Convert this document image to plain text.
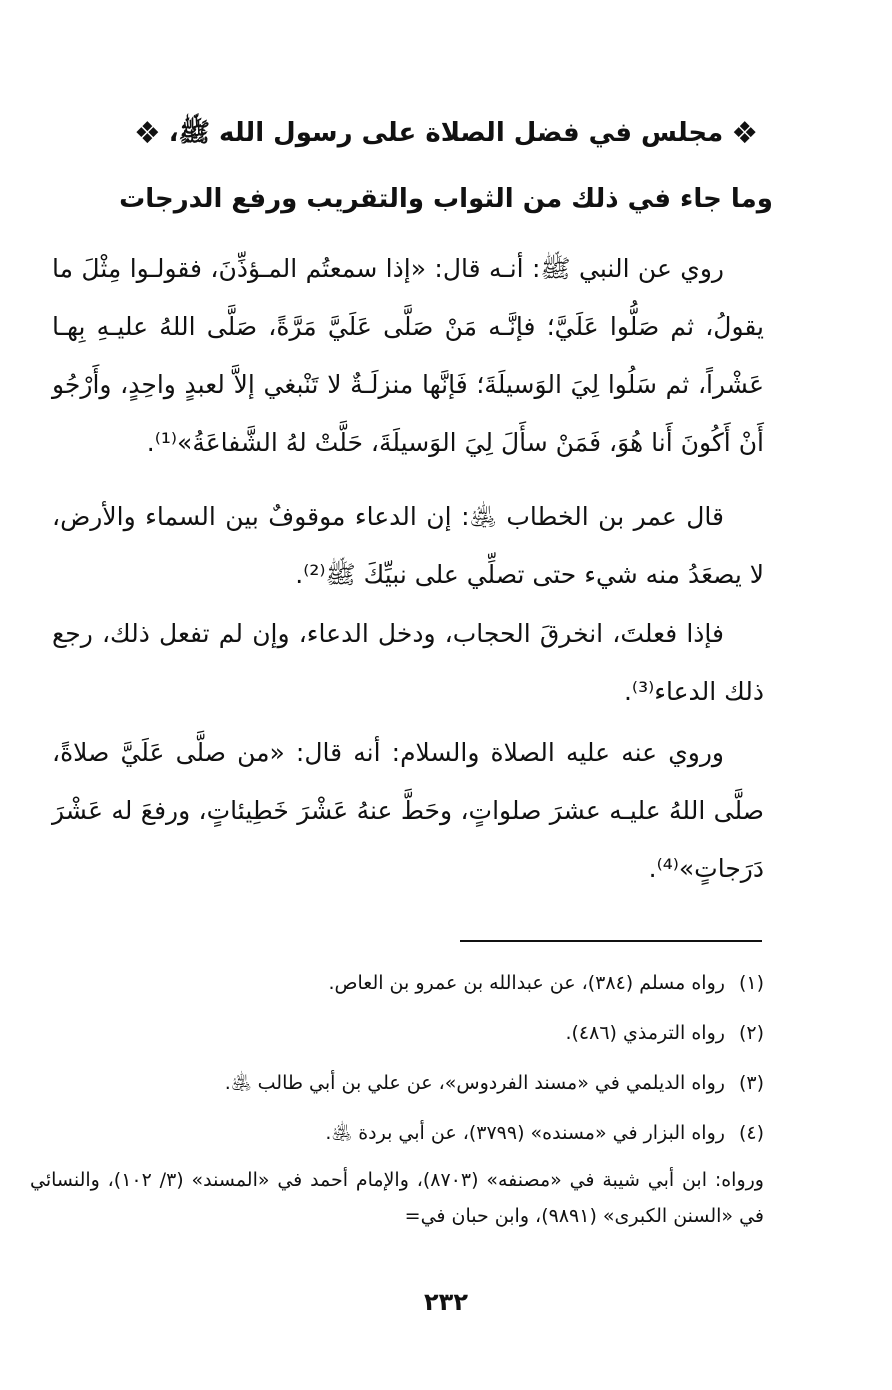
❖مجلس في فضل الصلاة على رسول الله ﷺ،❖
وما جاء في ذلك من الثواب والتقريب ورفع الدرجات

روي عن النبي ﷺ: أنـه قال: «إذا سمعتُم المـؤذِّنَ، فقولـوا مِثْلَ ما يقولُ، ثم صَلُّوا عَلَيَّ؛ فإنَّـه مَنْ صَلَّى عَلَيَّ مَرَّةً، صَلَّى اللهُ عليـهِ بِهـا عَشْراً، ثم سَلُوا لِيَ الوَسيلَةَ؛ فَإنَّها منزلَـةٌ لا تَنْبغي إلاَّ لعبدٍ واحِدٍ، وأَرْجُو أَنْ أَكُونَ أَنا هُوَ، فَمَنْ سأَلَ لِيَ الوَسيلَةَ، حَلَّتْ لهُ الشَّفاعَةُ»⁽¹⁾.

قال عمر بن الخطاب ﵁: إن الدعاء موقوفٌ بين السماء والأرض، لا يصعَدُ منه شيء حتى تصلِّي على نبيِّكَ ﷺ⁽²⁾.

فإذا فعلتَ، انخرقَ الحجاب، ودخل الدعاء، وإن لم تفعل ذلك، رجع ذلك الدعاء⁽³⁾.

وروي عنه عليه الصلاة والسلام: أنه قال: «من صلَّى عَلَيَّ صلاةً، صلَّى اللهُ عليـه عشرَ صلواتٍ، وحَطَّ عنهُ عَشْرَ خَطِيئاتٍ، ورفعَ له عَشْرَ دَرَجاتٍ»⁽⁴⁾.

(١)رواه مسلم (٣٨٤)، عن عبدالله بن عمرو بن العاص.
(٢)رواه الترمذي (٤٨٦).
(٣)رواه الديلمي في «مسند الفردوس»، عن علي بن أبي طالب ﵁.
(٤)رواه البزار في «مسنده» (٣٧٩٩)، عن أبي بردة ﵁.
ورواه: ابن أبي شيبة في «مصنفه» (٨٧٠٣)، والإمام أحمد في «المسند» (٣/ ١٠٢)، والنسائي في «السنن الكبرى» (٩٨٩١)، وابن حبان في=
٢٣٢
